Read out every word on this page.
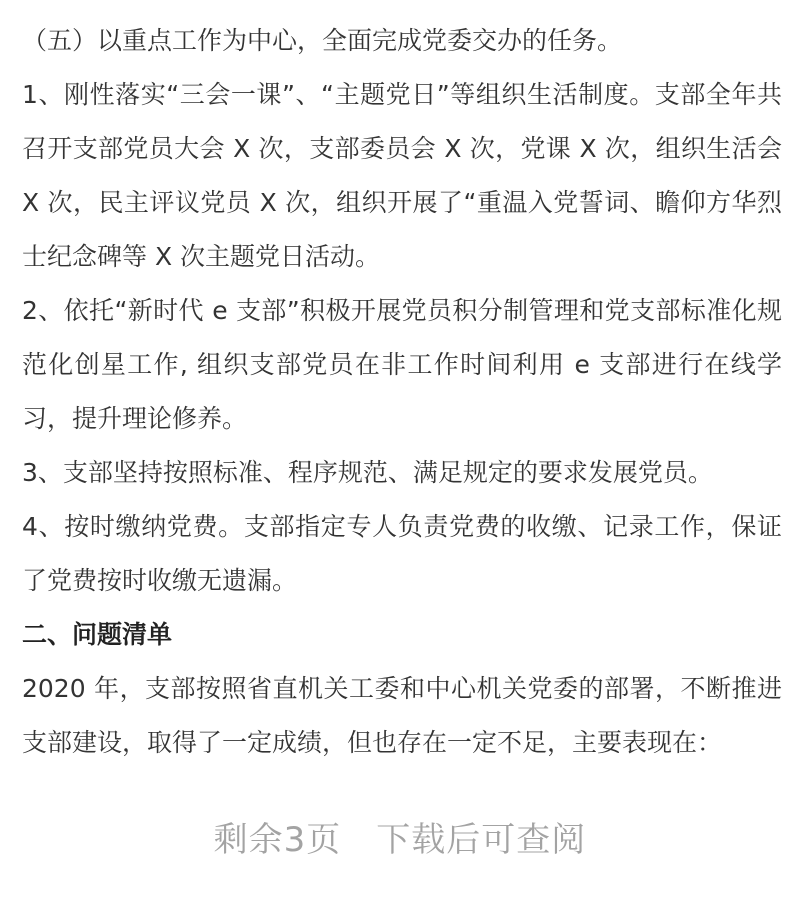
（五）以重点工作为中心，全面完成党委交办的任务。

1、刚性落实“三会一课”、“主题党日”等组织生活制度。支部全年共召开支部党员大会 X 次，支部委员会 X 次，党课 X 次，组织生活会 X 次，民主评议党员 X 次，组织开展了“重温入党誓词、瞻仰方华烈士纪念碑等 X 次主题党日活动。

2、依托“新时代 e 支部”积极开展党员积分制管理和党支部标准化规范化创星工作, 组织支部党员在非工作时间利用 e 支部进行在线学习，提升理论修养。

3、支部坚持按照标准、程序规范、满足规定的要求发展党员。

4、按时缴纳党费。支部指定专人负责党费的收缴、记录工作，保证了党费按时收缴无遗漏。

二、问题清单

2020 年，支部按照省直机关工委和中心机关党委的部署，不断推进支部建设，取得了一定成绩，但也存在一定不足，主要表现在：

剩余3页　下载后可查阅
